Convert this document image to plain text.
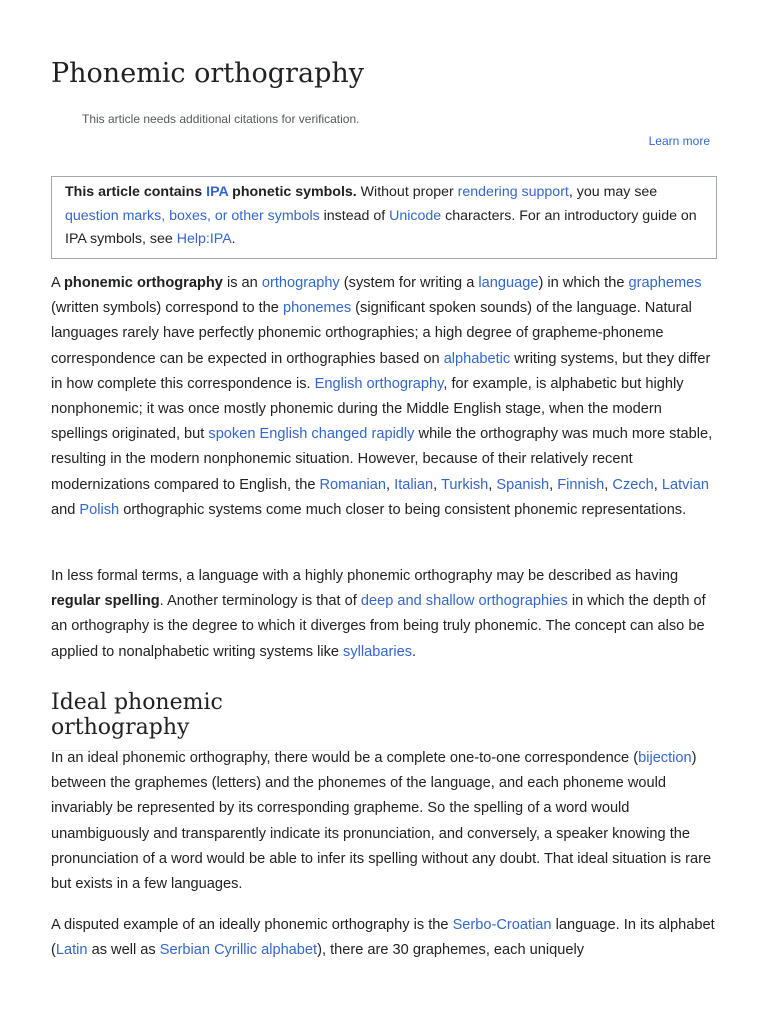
Phonemic orthography
This article needs additional citations for verification.
Learn more
This article contains IPA phonetic symbols. Without proper rendering support, you may see question marks, boxes, or other symbols instead of Unicode characters. For an introductory guide on IPA symbols, see Help:IPA.

A phonemic orthography is an orthography (system for writing a language) in which the graphemes (written symbols) correspond to the phonemes (significant spoken sounds) of the language. Natural languages rarely have perfectly phonemic orthographies; a high degree of grapheme-phoneme correspondence can be expected in orthographies based on alphabetic writing systems, but they differ in how complete this correspondence is. English orthography, for example, is alphabetic but highly nonphonemic; it was once mostly phonemic during the Middle English stage, when the modern spellings originated, but spoken English changed rapidly while the orthography was much more stable, resulting in the modern nonphonemic situation. However, because of their relatively recent modernizations compared to English, the Romanian, Italian, Turkish, Spanish, Finnish, Czech, Latvian and Polish orthographic systems come much closer to being consistent phonemic representations.

In less formal terms, a language with a highly phonemic orthography may be described as having regular spelling. Another terminology is that of deep and shallow orthographies in which the depth of an orthography is the degree to which it diverges from being truly phonemic. The concept can also be applied to nonalphabetic writing systems like syllabaries.

Ideal phonemic orthography

In an ideal phonemic orthography, there would be a complete one-to-one correspondence (bijection) between the graphemes (letters) and the phonemes of the language, and each phoneme would invariably be represented by its corresponding grapheme. So the spelling of a word would unambiguously and transparently indicate its pronunciation, and conversely, a speaker knowing the pronunciation of a word would be able to infer its spelling without any doubt. That ideal situation is rare but exists in a few languages.

A disputed example of an ideally phonemic orthography is the Serbo-Croatian language. In its alphabet (Latin as well as Serbian Cyrillic alphabet), there are 30 graphemes, each uniquely
